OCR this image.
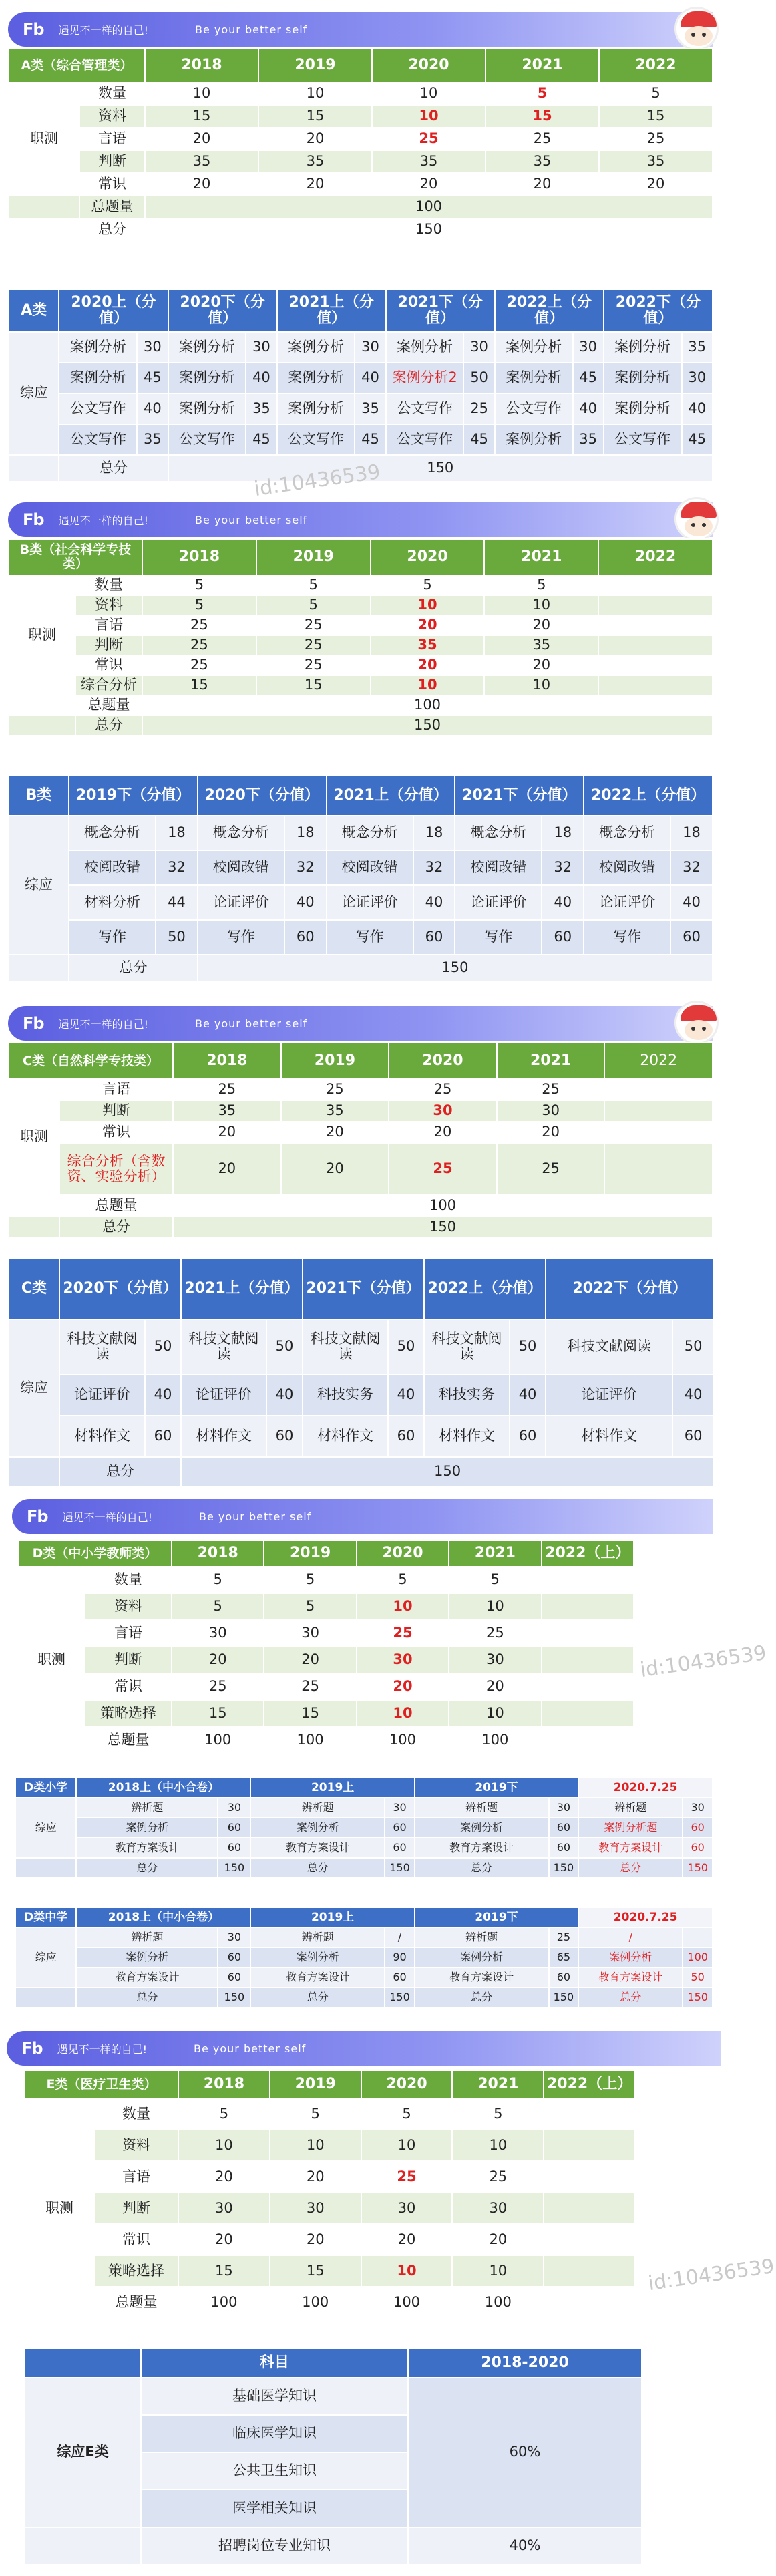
Fb 遇见不一样的自己!	Be your better self
A类（综合管理类）		2018	2019	2020	2021	2022
职测	数量	10	10	10	5	5
	资料	15	15	10	15	15
	言语	20	20	25	25	25
	判断	35	35	35	35	35
	常识	20	20	20	20	20
	总题量	100				
	总分	150				
A类	2020上（分值）		2020下（分值）		2021上（分值）		2021下（分值）		2022上（分值）		2022下（分值）	
综应	案例分析	30	案例分析	30	案例分析	30	案例分析	30	案例分析	30	案例分析	35
	案例分析	45	案例分析	40	案例分析	40	案例分析2	50	案例分析	45	案例分析	30
	公文写作	40	案例分析	35	案例分析	35	公文写作	25	公文写作	40	案例分析	40
	公文写作	35	公文写作	45	公文写作	45	公文写作	45	案例分析	35	公文写作	45
	总分		150									
id:10436539
Fb 遇见不一样的自己!	Be your better self
B类（社会科学专技类）		2018	2019	2020	2021	2022
职测	数量	5	5	5	5	
	资料	5	5	10	10	
	言语	25	25	20	20	
	判断	25	25	35	35	
	常识	25	25	20	20	
	综合分析	15	15	10	10	
	总题量	100				
	总分	150				
B类	2019下（分值）		2020下（分值）		2021上（分值）		2021下（分值）		2022上（分值）	
综应	概念分析	18	概念分析	18	概念分析	18	概念分析	18	概念分析	18
	校阅改错	32	校阅改错	32	校阅改错	32	校阅改错	32	校阅改错	32
	材料分析	44	论证评价	40	论证评价	40	论证评价	40	论证评价	40
	写作	50	写作	60	写作	60	写作	60	写作	60
	总分		150							
Fb 遇见不一样的自己!	Be your better self
C类（自然科学专技类）		2018	2019	2020	2021	2022
职测	言语	25	25	25	25	
	判断	35	35	30	30	
	常识	20	20	20	20	
	综合分析（含数资、实验分析）	20	20	25	25	
	总题量	100				
	总分	150				
C类	2020下（分值）		2021上（分值）		2021下（分值）		2022上（分值）		2022下（分值）	
综应	科技文献阅读	50	科技文献阅读	50	科技文献阅读	50	科技文献阅读	50	科技文献阅读	50
	论证评价	40	论证评价	40	科技实务	40	科技实务	40	论证评价	40
	材料作文	60	材料作文	60	材料作文	60	材料作文	60	材料作文	60
	总分		150							
Fb 遇见不一样的自己!	Be your better self
D类（中小学教师类）		2018	2019	2020	2021	2022（上）
职测	数量	5	5	5	5	
	资料	5	5	10	10	
	言语	30	30	25	25	
	判断	20	20	30	30	
	常识	25	25	20	20	
	策略选择	15	15	10	10	
	总题量	100	100	100	100	
id:10436539
D类小学	2018上（中小合卷）		2019上		2019下		2020.7.25	
综应	辨析题	30	辨析题	30	辨析题	30	辨析题	30
	案例分析	60	案例分析	60	案例分析	60	案例分析题	60
	教育方案设计	60	教育方案设计	60	教育方案设计	60	教育方案设计	60
	总分	150	总分	150	总分	150	总分	150
D类中学	2018上（中小合卷）		2019上		2019下		2020.7.25	
综应	辨析题	30	辨析题	/	辨析题	25	/	
	案例分析	60	案例分析	90	案例分析	65	案例分析	100
	教育方案设计	60	教育方案设计	60	教育方案设计	60	教育方案设计	50
	总分	150	总分	150	总分	150	总分	150
Fb 遇见不一样的自己!	Be your better self
E类（医疗卫生类）		2018	2019	2020	2021	2022（上）
职测	数量	5	5	5	5	
	资料	10	10	10	10	
	言语	20	20	25	25	
	判断	30	30	30	30	
	常识	20	20	20	20	
	策略选择	15	15	10	10	
	总题量	100	100	100	100	
id:10436539
	科目	2018-2020
综应E类	基础医学知识	60%
	临床医学知识	
	公共卫生知识	
	医学相关知识	
	招聘岗位专业知识	40%
